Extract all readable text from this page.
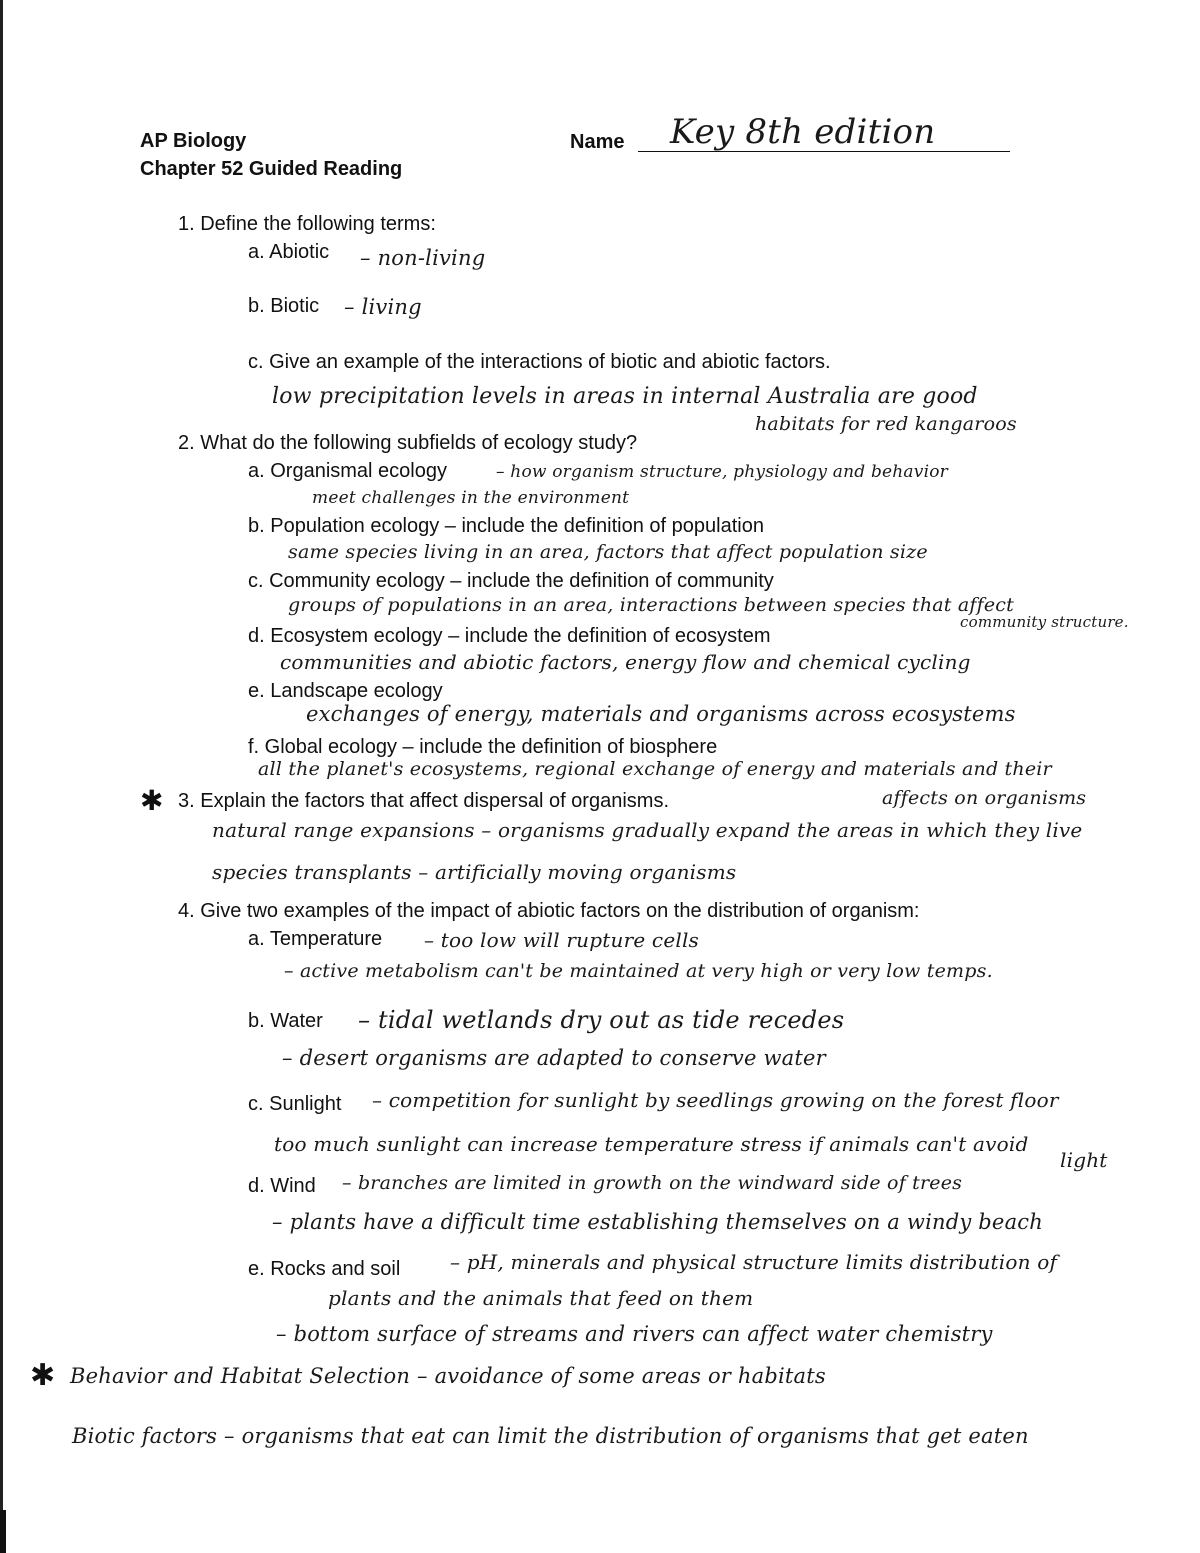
AP Biology
Chapter 52 Guided Reading
Name Key 8th edition
1. Define the following terms:
a. Abiotic – non-living
b. Biotic – living
c. Give an example of the interactions of biotic and abiotic factors.
low precipitation levels in areas in internal Australia are good
habitats for red kangaroos
2. What do the following subfields of ecology study?
a. Organismal ecology	– how organism structure, physiology and behavior
meet challenges in the environment
b. Population ecology – include the definition of population
same species living in an area, factors that affect population size
c. Community ecology – include the definition of community
groups of populations in an area, interactions between species that affect
community structure.
d. Ecosystem ecology – include the definition of ecosystem
communities and abiotic factors, energy flow and chemical cycling
e. Landscape ecology
exchanges of energy, materials and organisms across ecosystems
f. Global ecology – include the definition of biosphere
all the planet's ecosystems, regional exchange of energy and materials and their
affects on organisms
✱ 3. Explain the factors that affect dispersal of organisms.
natural range expansions – organisms gradually expand the areas in which they live
species transplants – artificially moving organisms
4. Give two examples of the impact of abiotic factors on the distribution of organism:
a. Temperature – too low will rupture cells
– active metabolism can't be maintained at very high or very low temps.
b. Water – tidal wetlands dry out as tide recedes
– desert organisms are adapted to conserve water
c. Sunlight – competition for sunlight by seedlings growing on the forest floor
too much sunlight can increase temperature stress if animals can't avoid
light
d. Wind – branches are limited in growth on the windward side of trees
– plants have a difficult time establishing themselves on a windy beach
e. Rocks and soil – pH, minerals and physical structure limits distribution of
plants and the animals that feed on them
– bottom surface of streams and rivers can affect water chemistry
✱ Behavior and Habitat Selection – avoidance of some areas or habitats
Biotic factors – organisms that eat can limit the distribution of organisms that get eaten
